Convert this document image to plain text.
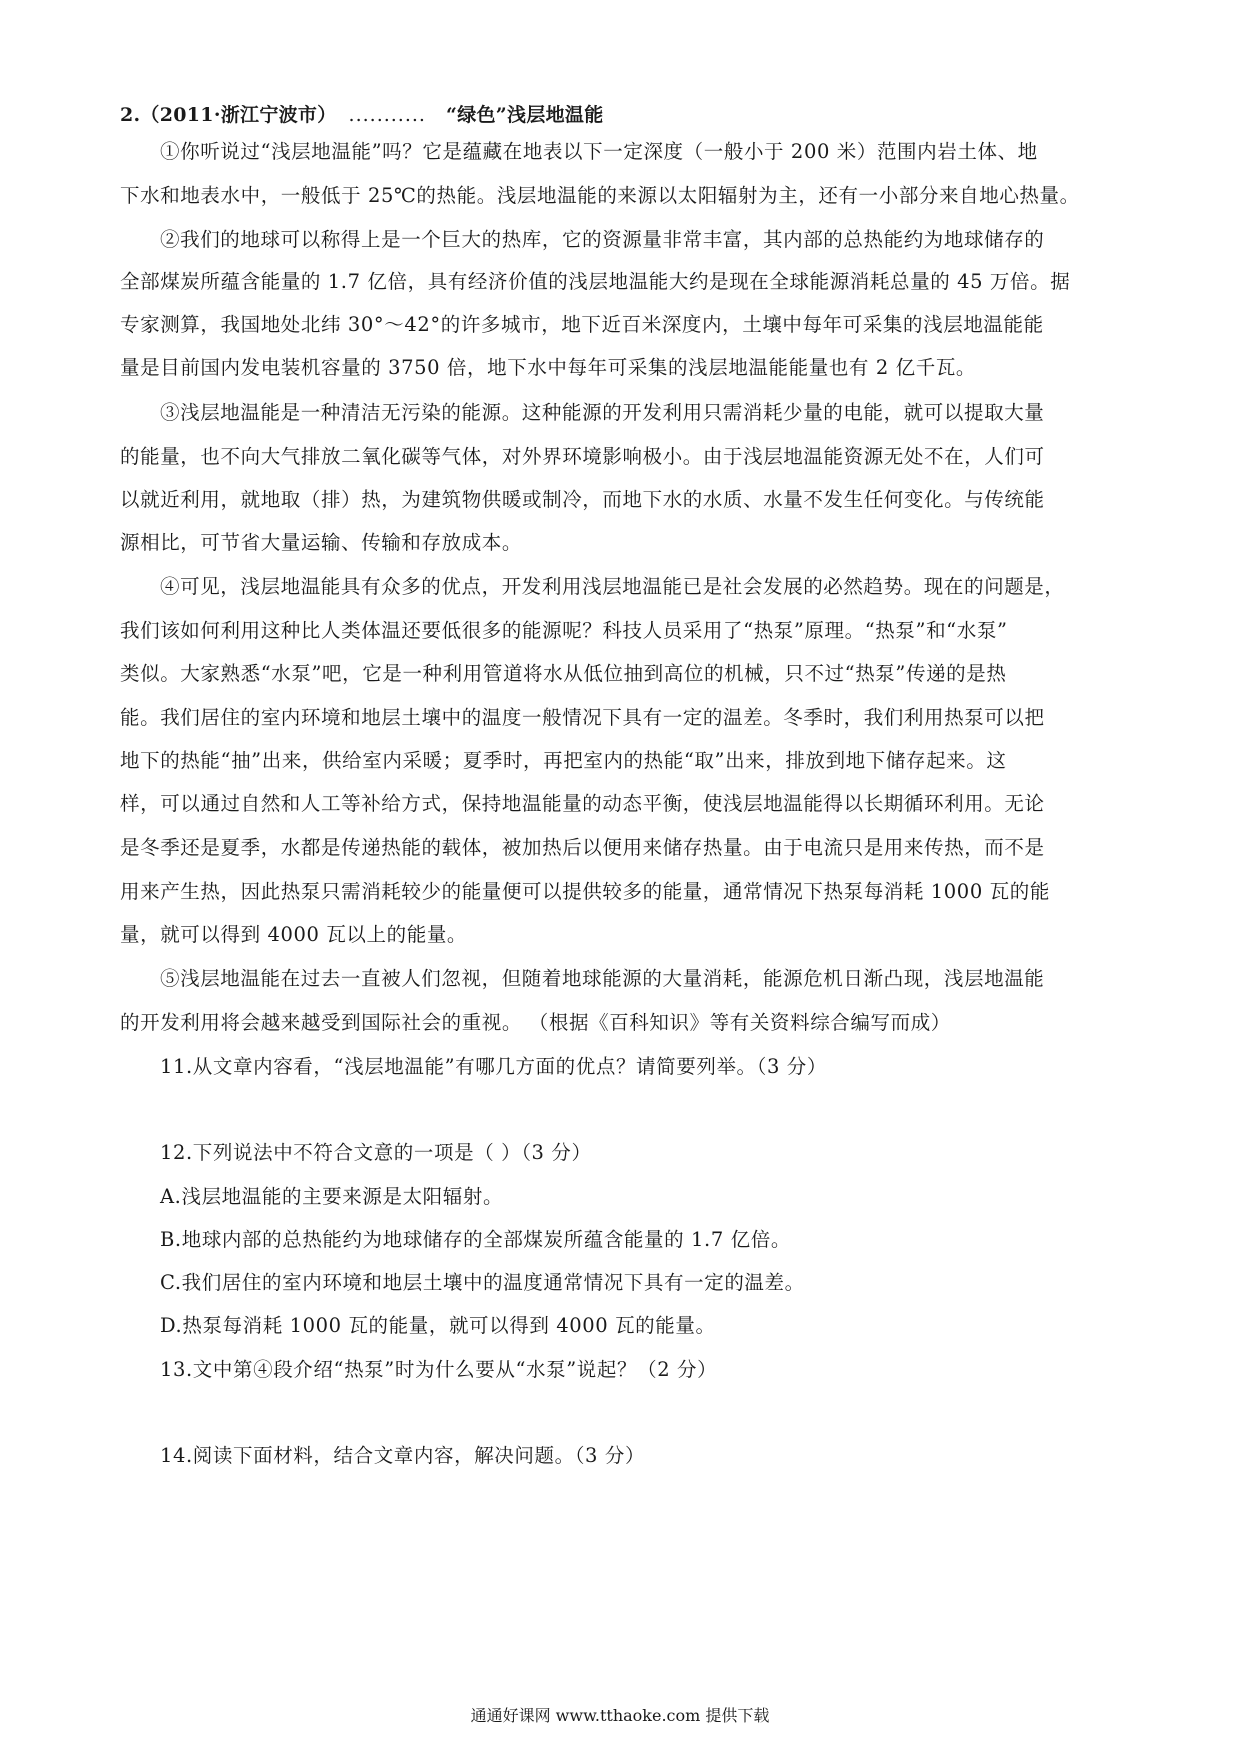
2.（2011·浙江宁波市） ........... “绿色”浅层地温能
①你听说过“浅层地温能”吗？它是蕴藏在地表以下一定深度（一般小于 200 米）范围内岩土体、地
下水和地表水中，一般低于 25℃的热能。浅层地温能的来源以太阳辐射为主，还有一小部分来自地心热量。
②我们的地球可以称得上是一个巨大的热库，它的资源量非常丰富，其内部的总热能约为地球储存的
全部煤炭所蕴含能量的 1.7 亿倍，具有经济价值的浅层地温能大约是现在全球能源消耗总量的 45 万倍。据
专家测算，我国地处北纬 30°～42°的许多城市，地下近百米深度内，土壤中每年可采集的浅层地温能能
量是目前国内发电装机容量的 3750 倍，地下水中每年可采集的浅层地温能能量也有 2 亿千瓦。
③浅层地温能是一种清洁无污染的能源。这种能源的开发利用只需消耗少量的电能，就可以提取大量
的能量，也不向大气排放二氧化碳等气体，对外界环境影响极小。由于浅层地温能资源无处不在，人们可
以就近利用，就地取（排）热，为建筑物供暖或制冷，而地下水的水质、水量不发生任何变化。与传统能
源相比，可节省大量运输、传输和存放成本。
④可见，浅层地温能具有众多的优点，开发利用浅层地温能已是社会发展的必然趋势。现在的问题是，
我们该如何利用这种比人类体温还要低很多的能源呢？科技人员采用了“热泵”原理。“热泵”和“水泵”
类似。大家熟悉“水泵”吧，它是一种利用管道将水从低位抽到高位的机械，只不过“热泵”传递的是热
能。我们居住的室内环境和地层土壤中的温度一般情况下具有一定的温差。冬季时，我们利用热泵可以把
地下的热能“抽”出来，供给室内采暖；夏季时，再把室内的热能“取”出来，排放到地下储存起来。这
样，可以通过自然和人工等补给方式，保持地温能量的动态平衡，使浅层地温能得以长期循环利用。无论
是冬季还是夏季，水都是传递热能的载体，被加热后以便用来储存热量。由于电流只是用来传热，而不是
用来产生热，因此热泵只需消耗较少的能量便可以提供较多的能量，通常情况下热泵每消耗 1000 瓦的能
量，就可以得到 4000 瓦以上的能量。
⑤浅层地温能在过去一直被人们忽视，但随着地球能源的大量消耗，能源危机日渐凸现，浅层地温能
的开发利用将会越来越受到国际社会的重视。 （根据《百科知识》等有关资料综合编写而成）
11.从文章内容看，“浅层地温能”有哪几方面的优点？请简要列举。（3 分）
12.下列说法中不符合文意的一项是（ ）（3 分）
A.浅层地温能的主要来源是太阳辐射。
B.地球内部的总热能约为地球储存的全部煤炭所蕴含能量的 1.7 亿倍。
C.我们居住的室内环境和地层土壤中的温度通常情况下具有一定的温差。
D.热泵每消耗 1000 瓦的能量，就可以得到 4000 瓦的能量。
13.文中第④段介绍“热泵”时为什么要从“水泵”说起？（2 分）
14.阅读下面材料，结合文章内容，解决问题。（3 分）
通通好课网 www.tthaoke.com 提供下载
